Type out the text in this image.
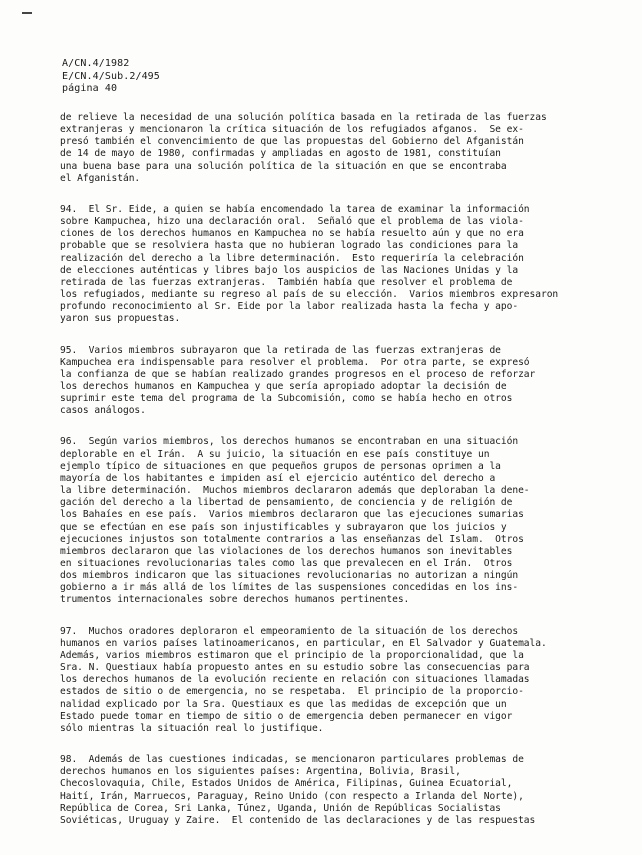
A/CN.4/1982
E/CN.4/Sub.2/495
página 40
de relieve la necesidad de una solución política basada en la retirada de las fuerzas
extranjeras y mencionaron la crítica situación de los refugiados afganos.  Se ex-
presó también el convencimiento de que las propuestas del Gobierno del Afganistán
de 14 de mayo de 1980, confirmadas y ampliadas en agosto de 1981, constituían
una buena base para una solución política de la situación en que se encontraba
el Afganistán.
94.  El Sr. Eide, a quien se había encomendado la tarea de examinar la información
sobre Kampuchea, hizo una declaración oral.  Señaló que el problema de las viola-
ciones de los derechos humanos en Kampuchea no se había resuelto aún y que no era
probable que se resolviera hasta que no hubieran logrado las condiciones para la
realización del derecho a la libre determinación.  Esto requeriría la celebración
de elecciones auténticas y libres bajo los auspicios de las Naciones Unidas y la
retirada de las fuerzas extranjeras.  También había que resolver el problema de
los refugiados, mediante su regreso al país de su elección.  Varios miembros expresaron
profundo reconocimiento al Sr. Eide por la labor realizada hasta la fecha y apo-
yaron sus propuestas.
95.  Varios miembros subrayaron que la retirada de las fuerzas extranjeras de
Kampuchea era indispensable para resolver el problema.  Por otra parte, se expresó
la confianza de que se habían realizado grandes progresos en el proceso de reforzar
los derechos humanos en Kampuchea y que sería apropiado adoptar la decisión de
suprimir este tema del programa de la Subcomisión, como se había hecho en otros
casos análogos.
96.  Según varios miembros, los derechos humanos se encontraban en una situación
deplorable en el Irán.  A su juicio, la situación en ese país constituye un
ejemplo típico de situaciones en que pequeños grupos de personas oprimen a la
mayoría de los habitantes e impiden así el ejercicio auténtico del derecho a
la libre determinación.  Muchos miembros declararon además que deploraban la dene-
gación del derecho a la libertad de pensamiento, de conciencia y de religión de
los Bahaíes en ese país.  Varios miembros declararon que las ejecuciones sumarias
que se efectúan en ese país son injustificables y subrayaron que los juicios y
ejecuciones injustos son totalmente contrarios a las enseñanzas del Islam.  Otros
miembros declararon que las violaciones de los derechos humanos son inevitables
en situaciones revolucionarias tales como las que prevalecen en el Irán.  Otros
dos miembros indicaron que las situaciones revolucionarias no autorizan a ningún
gobierno a ir más allá de los límites de las suspensiones concedidas en los ins-
trumentos internacionales sobre derechos humanos pertinentes.
97.  Muchos oradores deploraron el empeoramiento de la situación de los derechos
humanos en varios países latinoamericanos, en particular, en El Salvador y Guatemala.
Además, varios miembros estimaron que el principio de la proporcionalidad, que la
Sra. N. Questiaux había propuesto antes en su estudio sobre las consecuencias para
los derechos humanos de la evolución reciente en relación con situaciones llamadas
estados de sitio o de emergencia, no se respetaba.  El principio de la proporcio-
nalidad explicado por la Sra. Questiaux es que las medidas de excepción que un
Estado puede tomar en tiempo de sitio o de emergencia deben permanecer en vigor
sólo mientras la situación real lo justifique.
98.  Además de las cuestiones indicadas, se mencionaron particulares problemas de
derechos humanos en los siguientes países: Argentina, Bolivia, Brasil,
Checoslovaquia, Chile, Estados Unidos de América, Filipinas, Guinea Ecuatorial,
Haití, Irán, Marruecos, Paraguay, Reino Unido (con respecto a Irlanda del Norte),
República de Corea, Sri Lanka, Túnez, Uganda, Unión de Repúblicas Socialistas
Soviéticas, Uruguay y Zaire.  El contenido de las declaraciones y de las respuestas
